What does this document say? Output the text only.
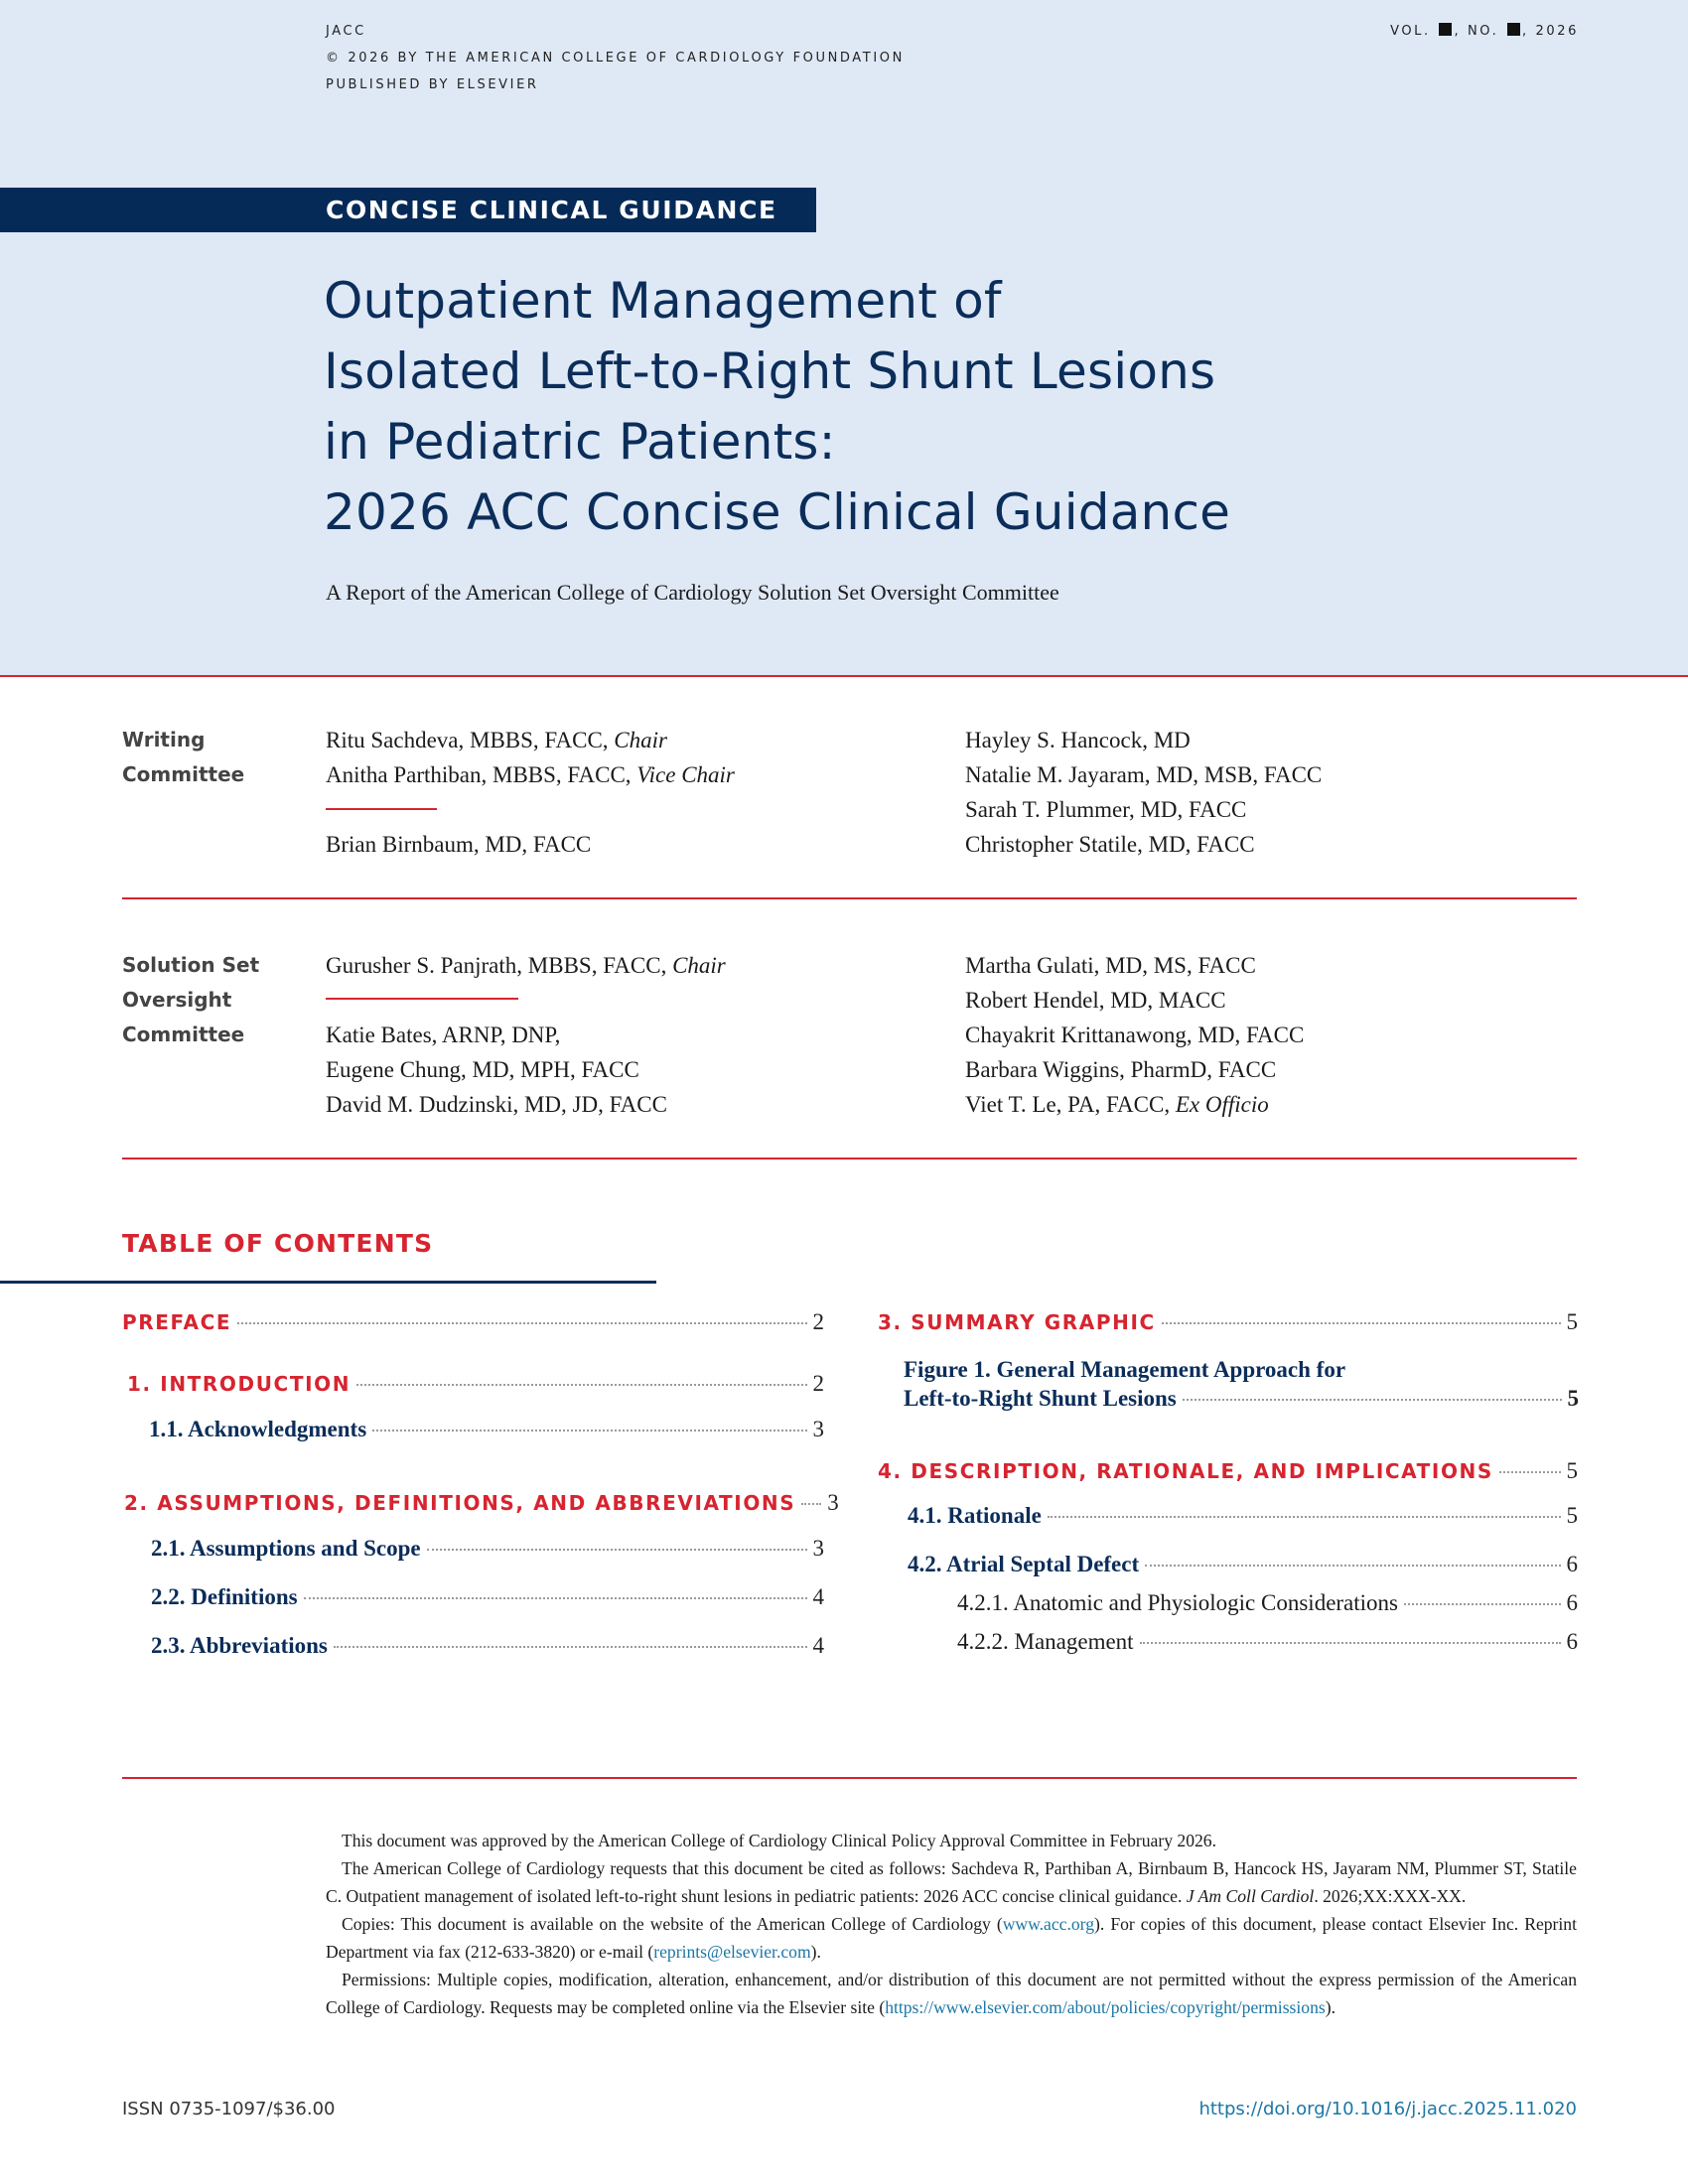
JACC
© 2026 BY THE AMERICAN COLLEGE OF CARDIOLOGY FOUNDATION
PUBLISHED BY ELSEVIER
VOL. , NO. , 2026
CONCISE CLINICAL GUIDANCE
Outpatient Management of
Isolated Left-to-Right Shunt Lesions
in Pediatric Patients:
2026 ACC Concise Clinical Guidance
A Report of the American College of Cardiology Solution Set Oversight Committee
Writing
Committee
Ritu Sachdeva, MBBS, FACC, Chair
Anitha Parthiban, MBBS, FACC, Vice Chair
Brian Birnbaum, MD, FACC
Hayley S. Hancock, MD
Natalie M. Jayaram, MD, MSB, FACC
Sarah T. Plummer, MD, FACC
Christopher Statile, MD, FACC
Solution Set
Oversight
Committee
Gurusher S. Panjrath, MBBS, FACC, Chair
Katie Bates, ARNP, DNP,
Eugene Chung, MD, MPH, FACC
David M. Dudzinski, MD, JD, FACC
Martha Gulati, MD, MS, FACC
Robert Hendel, MD, MACC
Chayakrit Krittanawong, MD, FACC
Barbara Wiggins, PharmD, FACC
Viet T. Le, PA, FACC, Ex Officio
TABLE OF CONTENTS
PREFACE	2
1. INTRODUCTION	2
1.1. Acknowledgments	3
2. ASSUMPTIONS, DEFINITIONS, AND ABBREVIATIONS 3
2.1. Assumptions and Scope	3
2.2. Definitions	4
2.3. Abbreviations	4
3. SUMMARY GRAPHIC	5
Figure 1. General Management Approach for
Left-to-Right Shunt Lesions	5
4. DESCRIPTION, RATIONALE, AND IMPLICATIONS	5
4.1. Rationale	5
4.2. Atrial Septal Defect	6
4.2.1. Anatomic and Physiologic Considerations	6
4.2.2. Management	6

This document was approved by the American College of Cardiology Clinical Policy Approval Committee in February 2026.

The American College of Cardiology requests that this document be cited as follows: Sachdeva R, Parthiban A, Birnbaum B, Hancock HS, Jayaram NM, Plummer ST, Statile C. Outpatient management of isolated left-to-right shunt lesions in pediatric patients: 2026 ACC concise clinical guidance. J Am Coll Cardiol. 2026;XX:XXX-XX.

Copies: This document is available on the website of the American College of Cardiology (www.acc.org). For copies of this document, please contact Elsevier Inc. Reprint Department via fax (212-633-3820) or e-mail (reprints@elsevier.com).

Permissions: Multiple copies, modification, alteration, enhancement, and/or distribution of this document are not permitted without the express permission of the American College of Cardiology. Requests may be completed online via the Elsevier site (https://www.elsevier.com/about/policies/copyright/permissions).

ISSN 0735-1097/$36.00	https://doi.org/10.1016/j.jacc.2025.11.020
